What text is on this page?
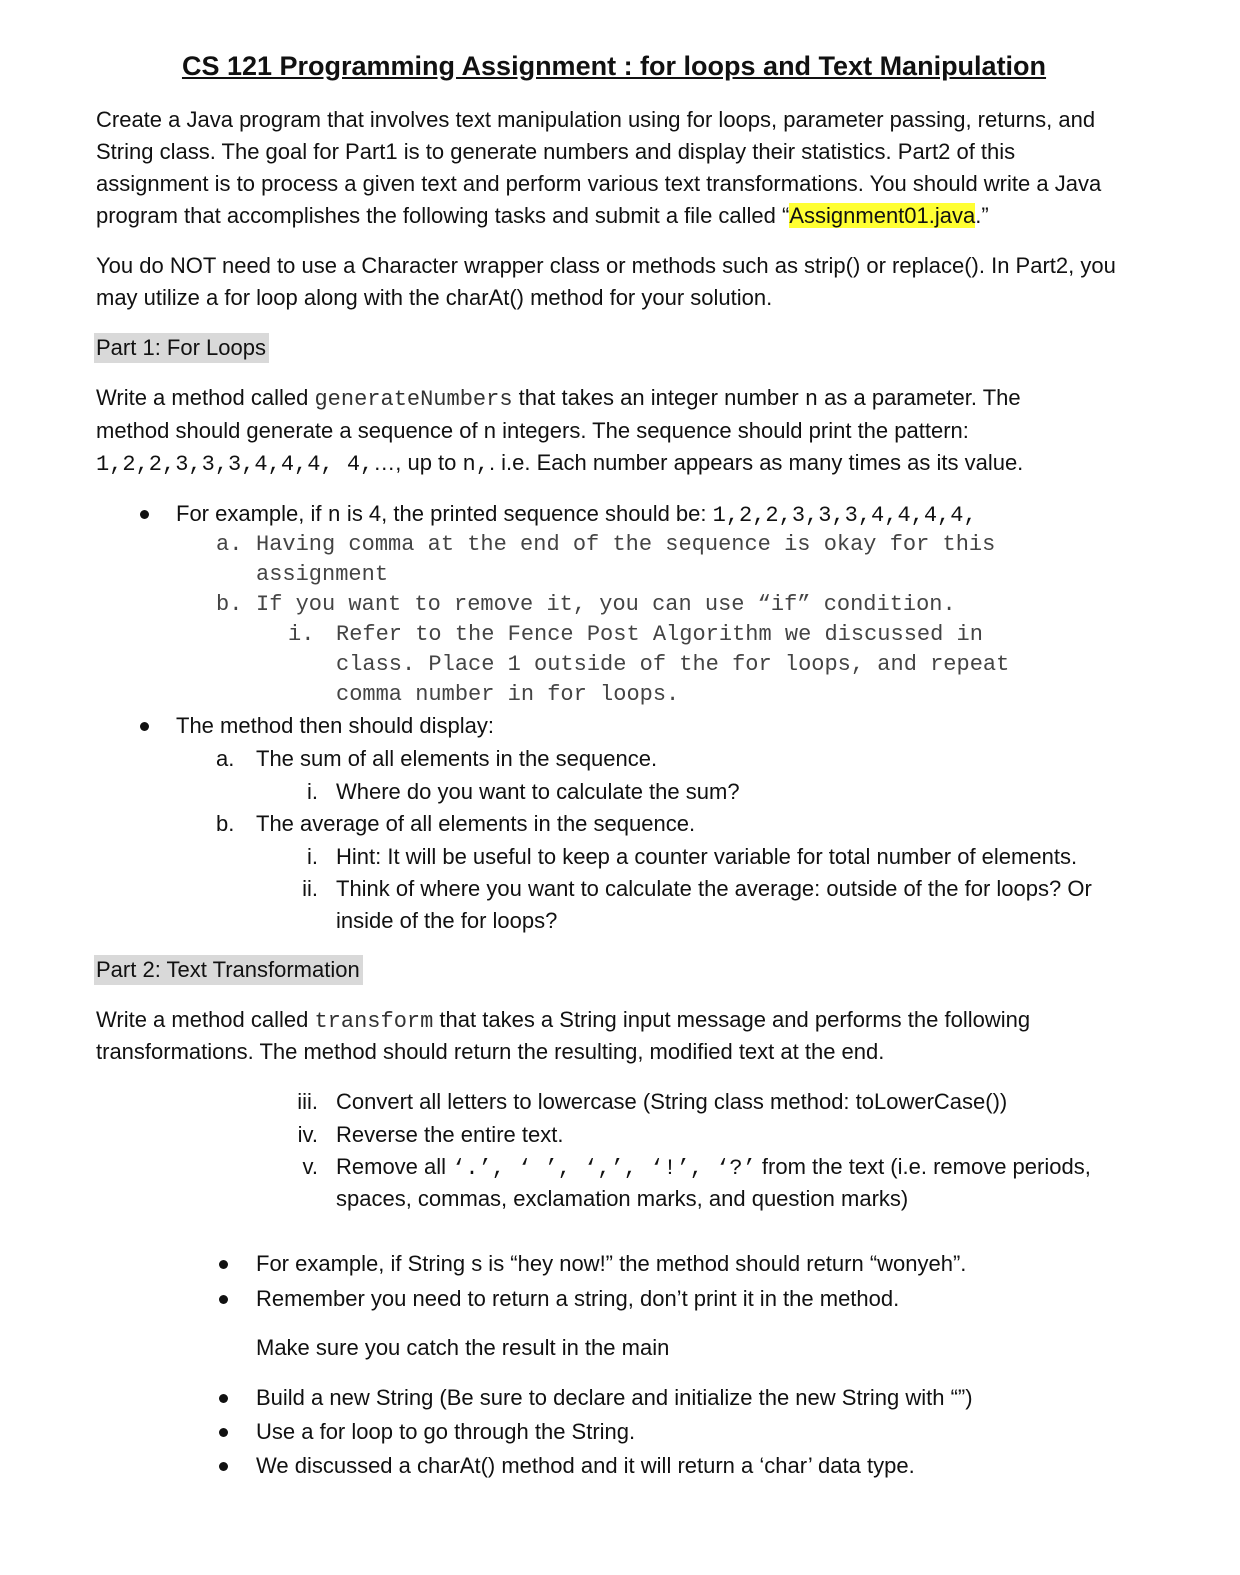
CS 121 Programming Assignment : for loops and Text Manipulation
Create a Java program that involves text manipulation using for loops, parameter passing, returns, and
String class. The goal for Part1 is to generate numbers and display their statistics. Part2 of this
assignment is to process a given text and perform various text transformations. You should write a Java
program that accomplishes the following tasks and submit a file called “Assignment01.java.”
You do NOT need to use a Character wrapper class or methods such as strip() or replace(). In Part2, you
may utilize a for loop along with the charAt() method for your solution.
Part 1: For Loops
Write a method called generateNumbers that takes an integer number n as a parameter. The
method should generate a sequence of n integers. The sequence should print the pattern:
1,2,2,3,3,3,4,4,4, 4,…, up to n,. i.e. Each number appears as many times as its value.
For example, if n is 4, the printed sequence should be: 1,2,2,3,3,3,4,4,4,4,
a. Having comma at the end of the sequence is okay for this
assignment
b. If you want to remove it, you can use “if” condition.
i. Refer to the Fence Post Algorithm we discussed in
class. Place 1 outside of the for loops, and repeat
comma number in for loops.
The method then should display:
a. The sum of all elements in the sequence.
i. Where do you want to calculate the sum?
b. The average of all elements in the sequence.
i. Hint: It will be useful to keep a counter variable for total number of elements.
ii. Think of where you want to calculate the average: outside of the for loops? Or
inside of the for loops?
Part 2: Text Transformation
Write a method called transform that takes a String input message and performs the following
transformations. The method should return the resulting, modified text at the end.
iii. Convert all letters to lowercase (String class method: toLowerCase())
iv. Reverse the entire text.
v. Remove all ‘.’, ‘ ’, ‘,’, ‘!’, ‘?’ from the text (i.e. remove periods,
spaces, commas, exclamation marks, and question marks)
For example, if String s is “hey now!” the method should return “wonyeh”.
Remember you need to return a string, don’t print it in the method.
Make sure you catch the result in the main
Build a new String (Be sure to declare and initialize the new String with “”)
Use a for loop to go through the String.
We discussed a charAt() method and it will return a ‘char’ data type.
